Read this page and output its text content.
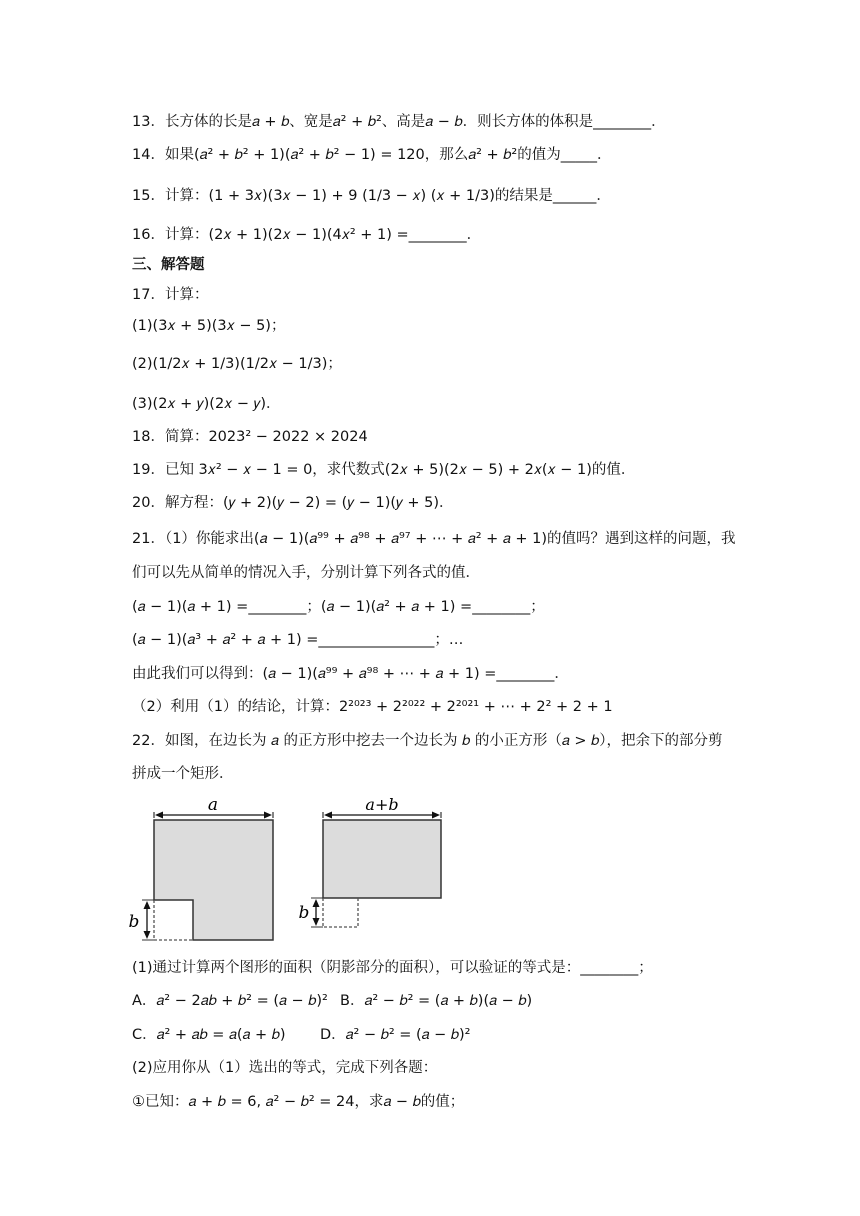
13．长方体的长是𝑎 + 𝑏、宽是𝑎² + 𝑏²、高是𝑎 − 𝑏．则长方体的体积是________．
14．如果(𝑎² + 𝑏² + 1)(𝑎² + 𝑏² − 1) = 120，那么𝑎² + 𝑏²的值为_____．
15．计算：(1 + 3𝑥)(3𝑥 − 1) + 9 (1/3 − 𝑥) (𝑥 + 1/3)的结果是______．
16．计算：(2𝑥 + 1)(2𝑥 − 1)(4𝑥² + 1) =________．
三、解答题
17．计算：
(1)(3𝑥 + 5)(3𝑥 − 5)；
(2)(1/2𝑥 + 1/3)(1/2𝑥 − 1/3)；
(3)(2𝑥 + 𝑦)(2𝑥 − 𝑦)．
18．简算：2023² − 2022 × 2024
19．已知 3𝑥² − 𝑥 − 1 = 0，求代数式(2𝑥 + 5)(2𝑥 − 5) + 2𝑥(𝑥 − 1)的值．
20．解方程：(𝑦 + 2)(𝑦 − 2) = (𝑦 − 1)(𝑦 + 5)．
21．（1）你能求出(𝑎 − 1)(𝑎⁹⁹ + 𝑎⁹⁸ + 𝑎⁹⁷ + ⋯ + 𝑎² + 𝑎 + 1)的值吗？遇到这样的问题，我
们可以先从简单的情况入手，分别计算下列各式的值．
(𝑎 − 1)(𝑎 + 1) =________；(𝑎 − 1)(𝑎² + 𝑎 + 1) =________；
(𝑎 − 1)(𝑎³ + 𝑎² + 𝑎 + 1) =________________；…
由此我们可以得到：(𝑎 − 1)(𝑎⁹⁹ + 𝑎⁹⁸ + ⋯ + 𝑎 + 1) =________．
（2）利用（1）的结论，计算：2²⁰²³ + 2²⁰²² + 2²⁰²¹ + ⋯ + 2² + 2 + 1
22．如图，在边长为 𝑎 的正方形中挖去一个边长为 𝑏 的小正方形（𝑎 > 𝑏），把余下的部分剪
拼成一个矩形．
a
b
a+b
b
(1)通过计算两个图形的面积（阴影部分的面积），可以验证的等式是：________；
A．𝑎² − 2𝑎𝑏 + 𝑏² = (𝑎 − 𝑏)² B．𝑎² − 𝑏² = (𝑎 + 𝑏)(𝑎 − 𝑏)
C．𝑎² + 𝑎𝑏 = 𝑎(𝑎 + 𝑏) D．𝑎² − 𝑏² = (𝑎 − 𝑏)²
(2)应用你从（1）选出的等式，完成下列各题：
①已知：𝑎 + 𝑏 = 6, 𝑎² − 𝑏² = 24，求𝑎 − 𝑏的值；
